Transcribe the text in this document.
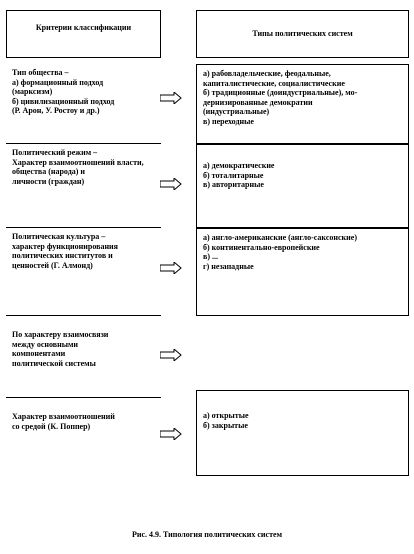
Критерии классификации
Типы политических систем
Тип общества –
а) формационный подход
(марксизм)
б) цивилизационный подход
(Р. Арон, У. Ростоу и др.)
Политический режим –
Характер взаимоотношений власти,
общества (народа) и
личности (граждан)
Политическая культура –
характер функционирования
политических институтов и
ценностей (Г. Алмонд)
По характеру взаимосвязи
между основными
компонентами
политической системы
Характер взаимоотношений
со средой (К. Поппер)
а) рабовладельческие, феодальные,
капиталистические, социалистические
б) традиционные (доиндустриальные), мо-
дернизированные демократии
(индустриальные)
в) переходные
а) демократические
б) тоталитарные
в) авторитарные
а) англо-американские (англо-саксонские)
б) континентально-европейские
в) ...
г) незападные
а) открытые
б) закрытые
Рис. 4.9. Типология политических систем
